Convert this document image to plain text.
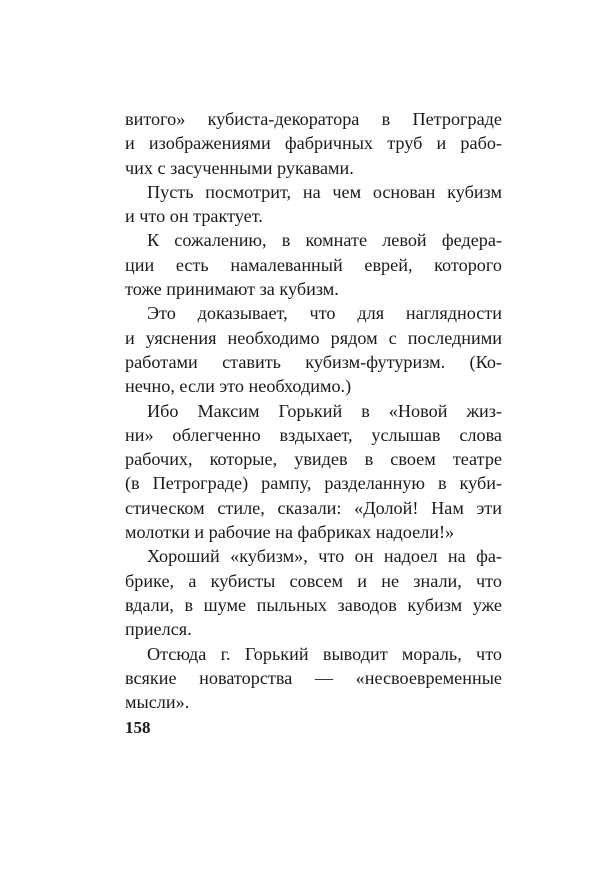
витого» кубиста-декоратора в Петрограде
и изображениями фабричных труб и рабо-
чих с засученными рукавами.
Пусть посмотрит, на чем основан кубизм
и что он трактует.
К сожалению, в комнате левой федера-
ции есть намалеванный еврей, которого
тоже принимают за кубизм.
Это доказывает, что для наглядности
и уяснения необходимо рядом с последними
работами ставить кубизм-футуризм. (Ко-
нечно, если это необходимо.)
Ибо Максим Горький в «Новой жиз-
ни» облегченно вздыхает, услышав слова
рабочих, которые, увидев в своем театре
(в Петрограде) рампу, разделанную в куби-
стическом стиле, сказали: «Долой! Нам эти
молотки и рабочие на фабриках надоели!»
Хороший «кубизм», что он надоел на фа-
брике, а кубисты совсем и не знали, что
вдали, в шуме пыльных заводов кубизм уже
приелся.
Отсюда г. Горький выводит мораль, что
всякие новаторства — «несвоевременные
мысли».
158
